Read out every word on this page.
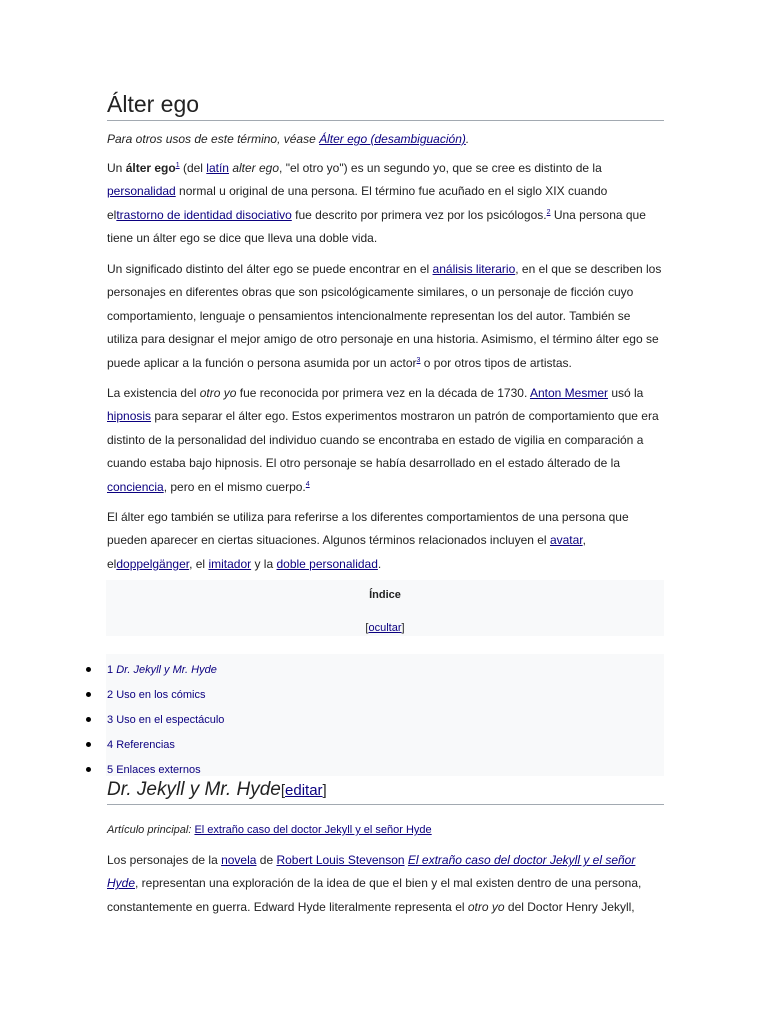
Álter ego
Para otros usos de este término, véase Álter ego (desambiguación).

Un álter ego$^1$ (del latín alter ego, "el otro yo") es un segundo yo, que se cree es distinto de la personalidad normal u original de una persona. El término fue acuñado en el siglo XIX cuando eltrastorno de identidad disociativo fue descrito por primera vez por los psicólogos.$^2$ Una persona que tiene un álter ego se dice que lleva una doble vida.

Un significado distinto del álter ego se puede encontrar en el análisis literario, en el que se describen los personajes en diferentes obras que son psicológicamente similares, o un personaje de ficción cuyo comportamiento, lenguaje o pensamientos intencionalmente representan los del autor. También se utiliza para designar el mejor amigo de otro personaje en una historia. Asimismo, el término álter ego se puede aplicar a la función o persona asumida por un actor$^3$ o por otros tipos de artistas.

La existencia del otro yo fue reconocida por primera vez en la década de 1730. Anton Mesmer usó la hipnosis para separar el álter ego. Estos experimentos mostraron un patrón de comportamiento que era distinto de la personalidad del individuo cuando se encontraba en estado de vigilia en comparación a cuando estaba bajo hipnosis. El otro personaje se había desarrollado en el estado álterado de la conciencia, pero en el mismo cuerpo.$^4$

El álter ego también se utiliza para referirse a los diferentes comportamientos de una persona que pueden aparecer en ciertas situaciones. Algunos términos relacionados incluyen el avatar, eldoppelgänger, el imitador y la doble personalidad.

Índice
[ocultar]
1 Dr. Jekyll y Mr. Hyde
2 Uso en los cómics
3 Uso en el espectáculo
4 Referencias
5 Enlaces externos
Dr. Jekyll y Mr. Hyde[editar]
Artículo principal: El extraño caso del doctor Jekyll y el señor Hyde

Los personajes de la novela de Robert Louis Stevenson El extraño caso del doctor Jekyll y el señor Hyde, representan una exploración de la idea de que el bien y el mal existen dentro de una persona, constantemente en guerra. Edward Hyde literalmente representa el otro yo del Doctor Henry Jekyll,
